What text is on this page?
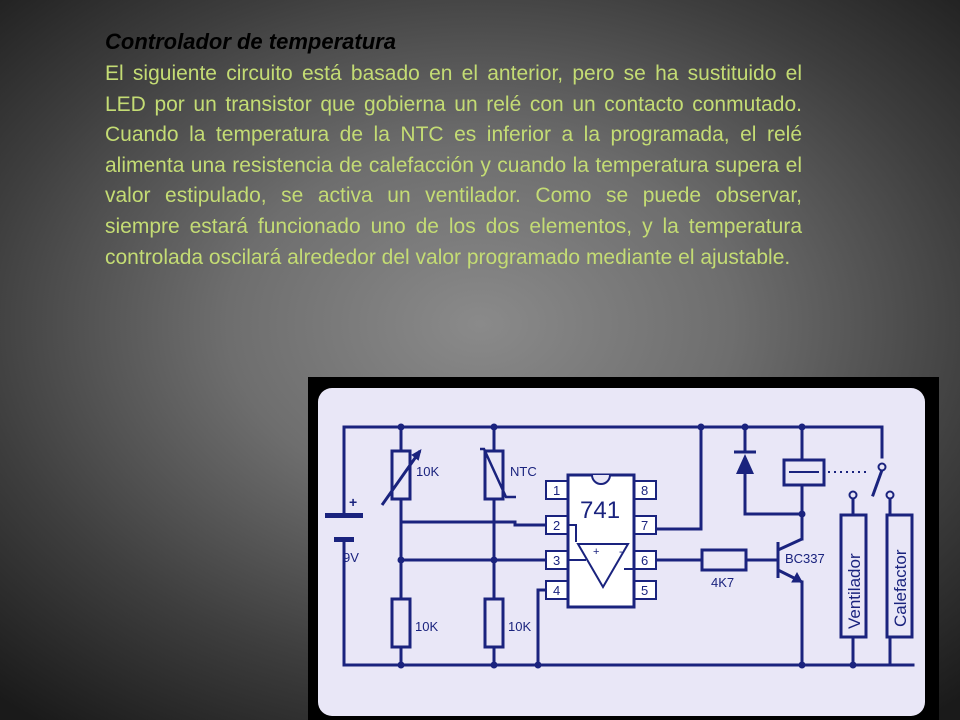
Controlador de temperatura
El siguiente circuito está basado en el anterior, pero se ha sustituido el LED por un transistor que gobierna un relé con un contacto conmutado. Cuando la temperatura de la NTC es inferior a la programada, el relé alimenta una resistencia de calefacción y cuando la temperatura supera el valor estipulado, se activa un ventilador. Como se puede observar, siempre estará funcionado uno de los dos elementos, y la temperatura controlada oscilará alrededor del valor programado mediante el ajustable.
+
9V
10K	NTC
10K	10K
1
2
3
4
8
7
6
5
741
+ -
4K7
BC337 Ventilador Calefactor
